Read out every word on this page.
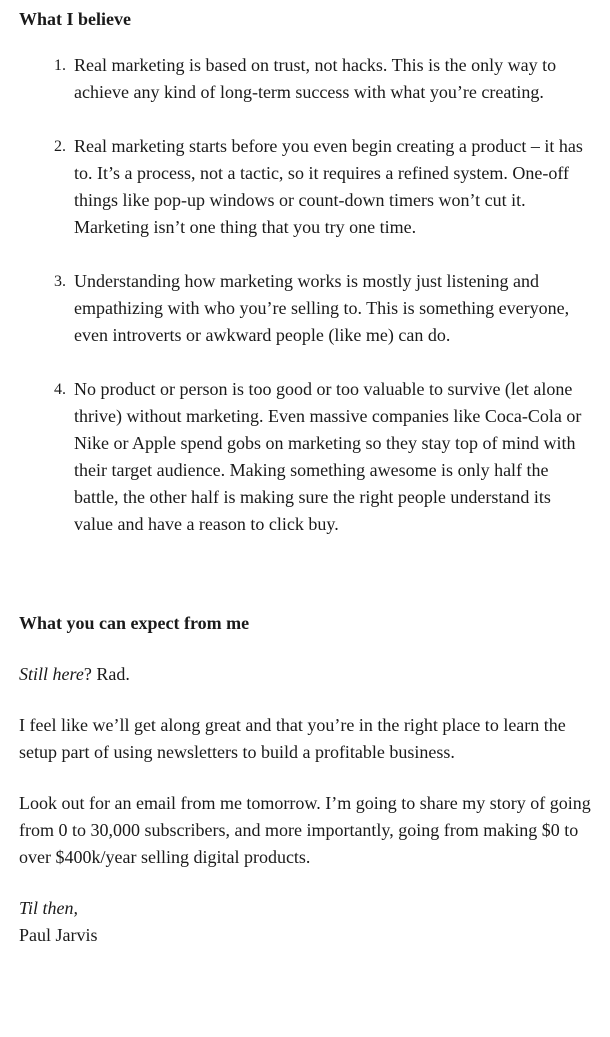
What I believe
1. Real marketing is based on trust, not hacks. This is the only way to achieve any kind of long-term success with what you’re creating.
2. Real marketing starts before you even begin creating a product – it has to. It’s a process, not a tactic, so it requires a refined system. One-off things like pop-up windows or count-down timers won’t cut it. Marketing isn’t one thing that you try one time.
3. Understanding how marketing works is mostly just listening and empathizing with who you’re selling to. This is something everyone, even introverts or awkward people (like me) can do.
4. No product or person is too good or too valuable to survive (let alone thrive) without marketing. Even massive companies like Coca-Cola or Nike or Apple spend gobs on marketing so they stay top of mind with their target audience. Making something awesome is only half the battle, the other half is making sure the right people understand its value and have a reason to click buy.
What you can expect from me

Still here? Rad.

I feel like we’ll get along great and that you’re in the right place to learn the setup part of using newsletters to build a profitable business.

Look out for an email from me tomorrow. I’m going to share my story of going from 0 to 30,000 subscribers, and more importantly, going from making $0 to over $400k/year selling digital products.

Til then,
Paul Jarvis
